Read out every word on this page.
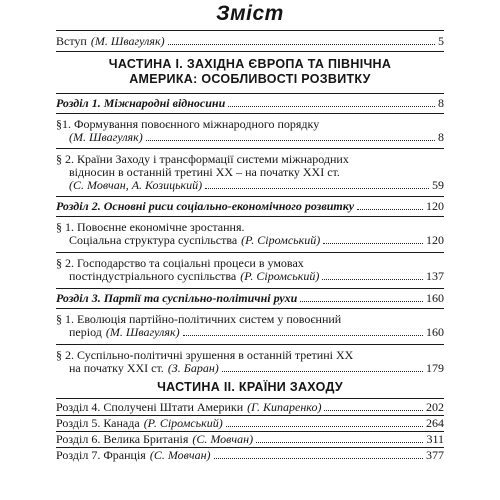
Зміст
Вступ (М. Швагуляк)	5
ЧАСТИНА І. ЗАХІДНА ЄВРОПА ТА ПІВНІЧНА
АМЕРИКА: ОСОБЛИВОСТІ РОЗВИТКУ
Розділ 1. Міжнародні відносини	8
§1. Формування повоєнного міжнародного порядку
(М. Швагуляк)	8
§ 2. Країни Заходу і трансформації системи міжнародних
відносин в останній третині XX – на початку XXI ст.
(С. Мовчан, А. Козицький)	59
Розділ 2. Основні риси соціально-економічного розвитку	120
§ 1. Повоєнне економічне зростання.
Соціальна структура суспільства (Р. Сіромський)	120
§ 2. Господарство та соціальні процеси в умовах
постіндустріального суспільства (Р. Сіромський)	137
Розділ 3. Партії та суспільно-політичні рухи	160
§ 1. Еволюція партійно-політичних систем у повоєнний
період (М. Швагуляк)	160
§ 2. Суспільно-політичні зрушення в останній третині XX
на початку XXI ст. (З. Баран)	179
ЧАСТИНА ІІ. КРАЇНИ ЗАХОДУ
Розділ 4. Сполучені Штати Америки (Г. Кипаренко)	202
Розділ 5. Канада (Р. Сіромський)	264
Розділ 6. Велика Британія (С. Мовчан)	311
Розділ 7. Франція (С. Мовчан)	377
